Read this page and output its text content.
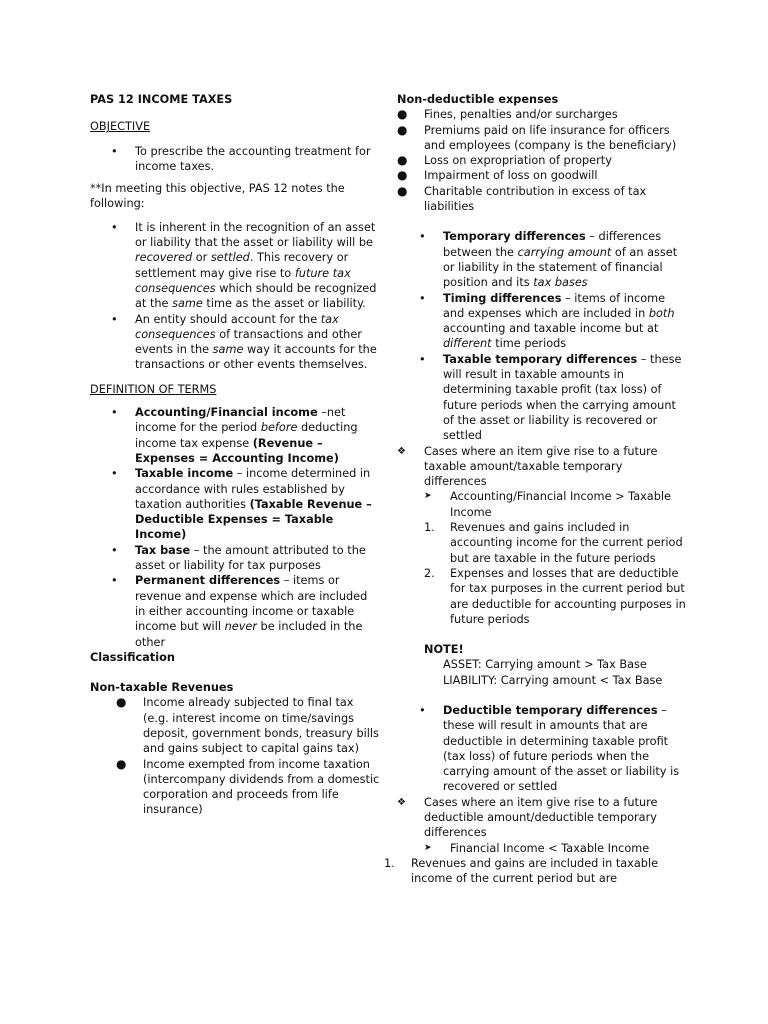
PAS 12 INCOME TAXES

OBJECTIVE

• To prescribe the accounting treatment for income taxes.

**In meeting this objective, PAS 12 notes the following:

• It is inherent in the recognition of an asset or liability that the asset or liability will be recovered or settled. This recovery or settlement may give rise to future tax consequences which should be recognized at the same time as the asset or liability.
• An entity should account for the tax consequences of transactions and other events in the same way it accounts for the transactions or other events themselves.

DEFINITION OF TERMS

• Accounting/Financial income –net income for the period before deducting income tax expense (Revenue – Expenses = Accounting Income)
• Taxable income – income determined in accordance with rules established by taxation authorities (Taxable Revenue – Deductible Expenses = Taxable Income)
• Tax base – the amount attributed to the asset or liability for tax purposes
• Permanent differences – items or revenue and expense which are included in either accounting income or taxable income but will never be included in the other

Classification

Non-taxable Revenues

● Income already subjected to final tax (e.g. interest income on time/savings deposit, government bonds, treasury bills and gains subject to capital gains tax)
● Income exempted from income taxation (intercompany dividends from a domestic corporation and proceeds from life insurance)

Non-deductible expenses

● Fines, penalties and/or surcharges
● Premiums paid on life insurance for officers and employees (company is the beneficiary)
● Loss on expropriation of property
● Impairment of loss on goodwill
● Charitable contribution in excess of tax liabilities
• Temporary differences – differences between the carrying amount of an asset or liability in the statement of financial position and its tax bases
• Timing differences – items of income and expenses which are included in both accounting and taxable income but at different time periods
• Taxable temporary differences – these will result in taxable amounts in determining taxable profit (tax loss) of future periods when the carrying amount of the asset or liability is recovered or settled
❖ Cases where an item give rise to a future taxable amount/taxable temporary differences
➤ Accounting/Financial Income > Taxable Income
1. Revenues and gains included in accounting income for the current period but are taxable in the future periods
2. Expenses and losses that are deductible for tax purposes in the current period but are deductible for accounting purposes in future periods

NOTE!

ASSET: Carrying amount > Tax Base

LIABILITY: Carrying amount < Tax Base

• Deductible temporary differences – these will result in amounts that are deductible in determining taxable profit (tax loss) of future periods when the carrying amount of the asset or liability is recovered or settled
❖ Cases where an item give rise to a future deductible amount/deductible temporary differences
➤ Financial Income < Taxable Income
1. Revenues and gains are included in taxable income of the current period but are
